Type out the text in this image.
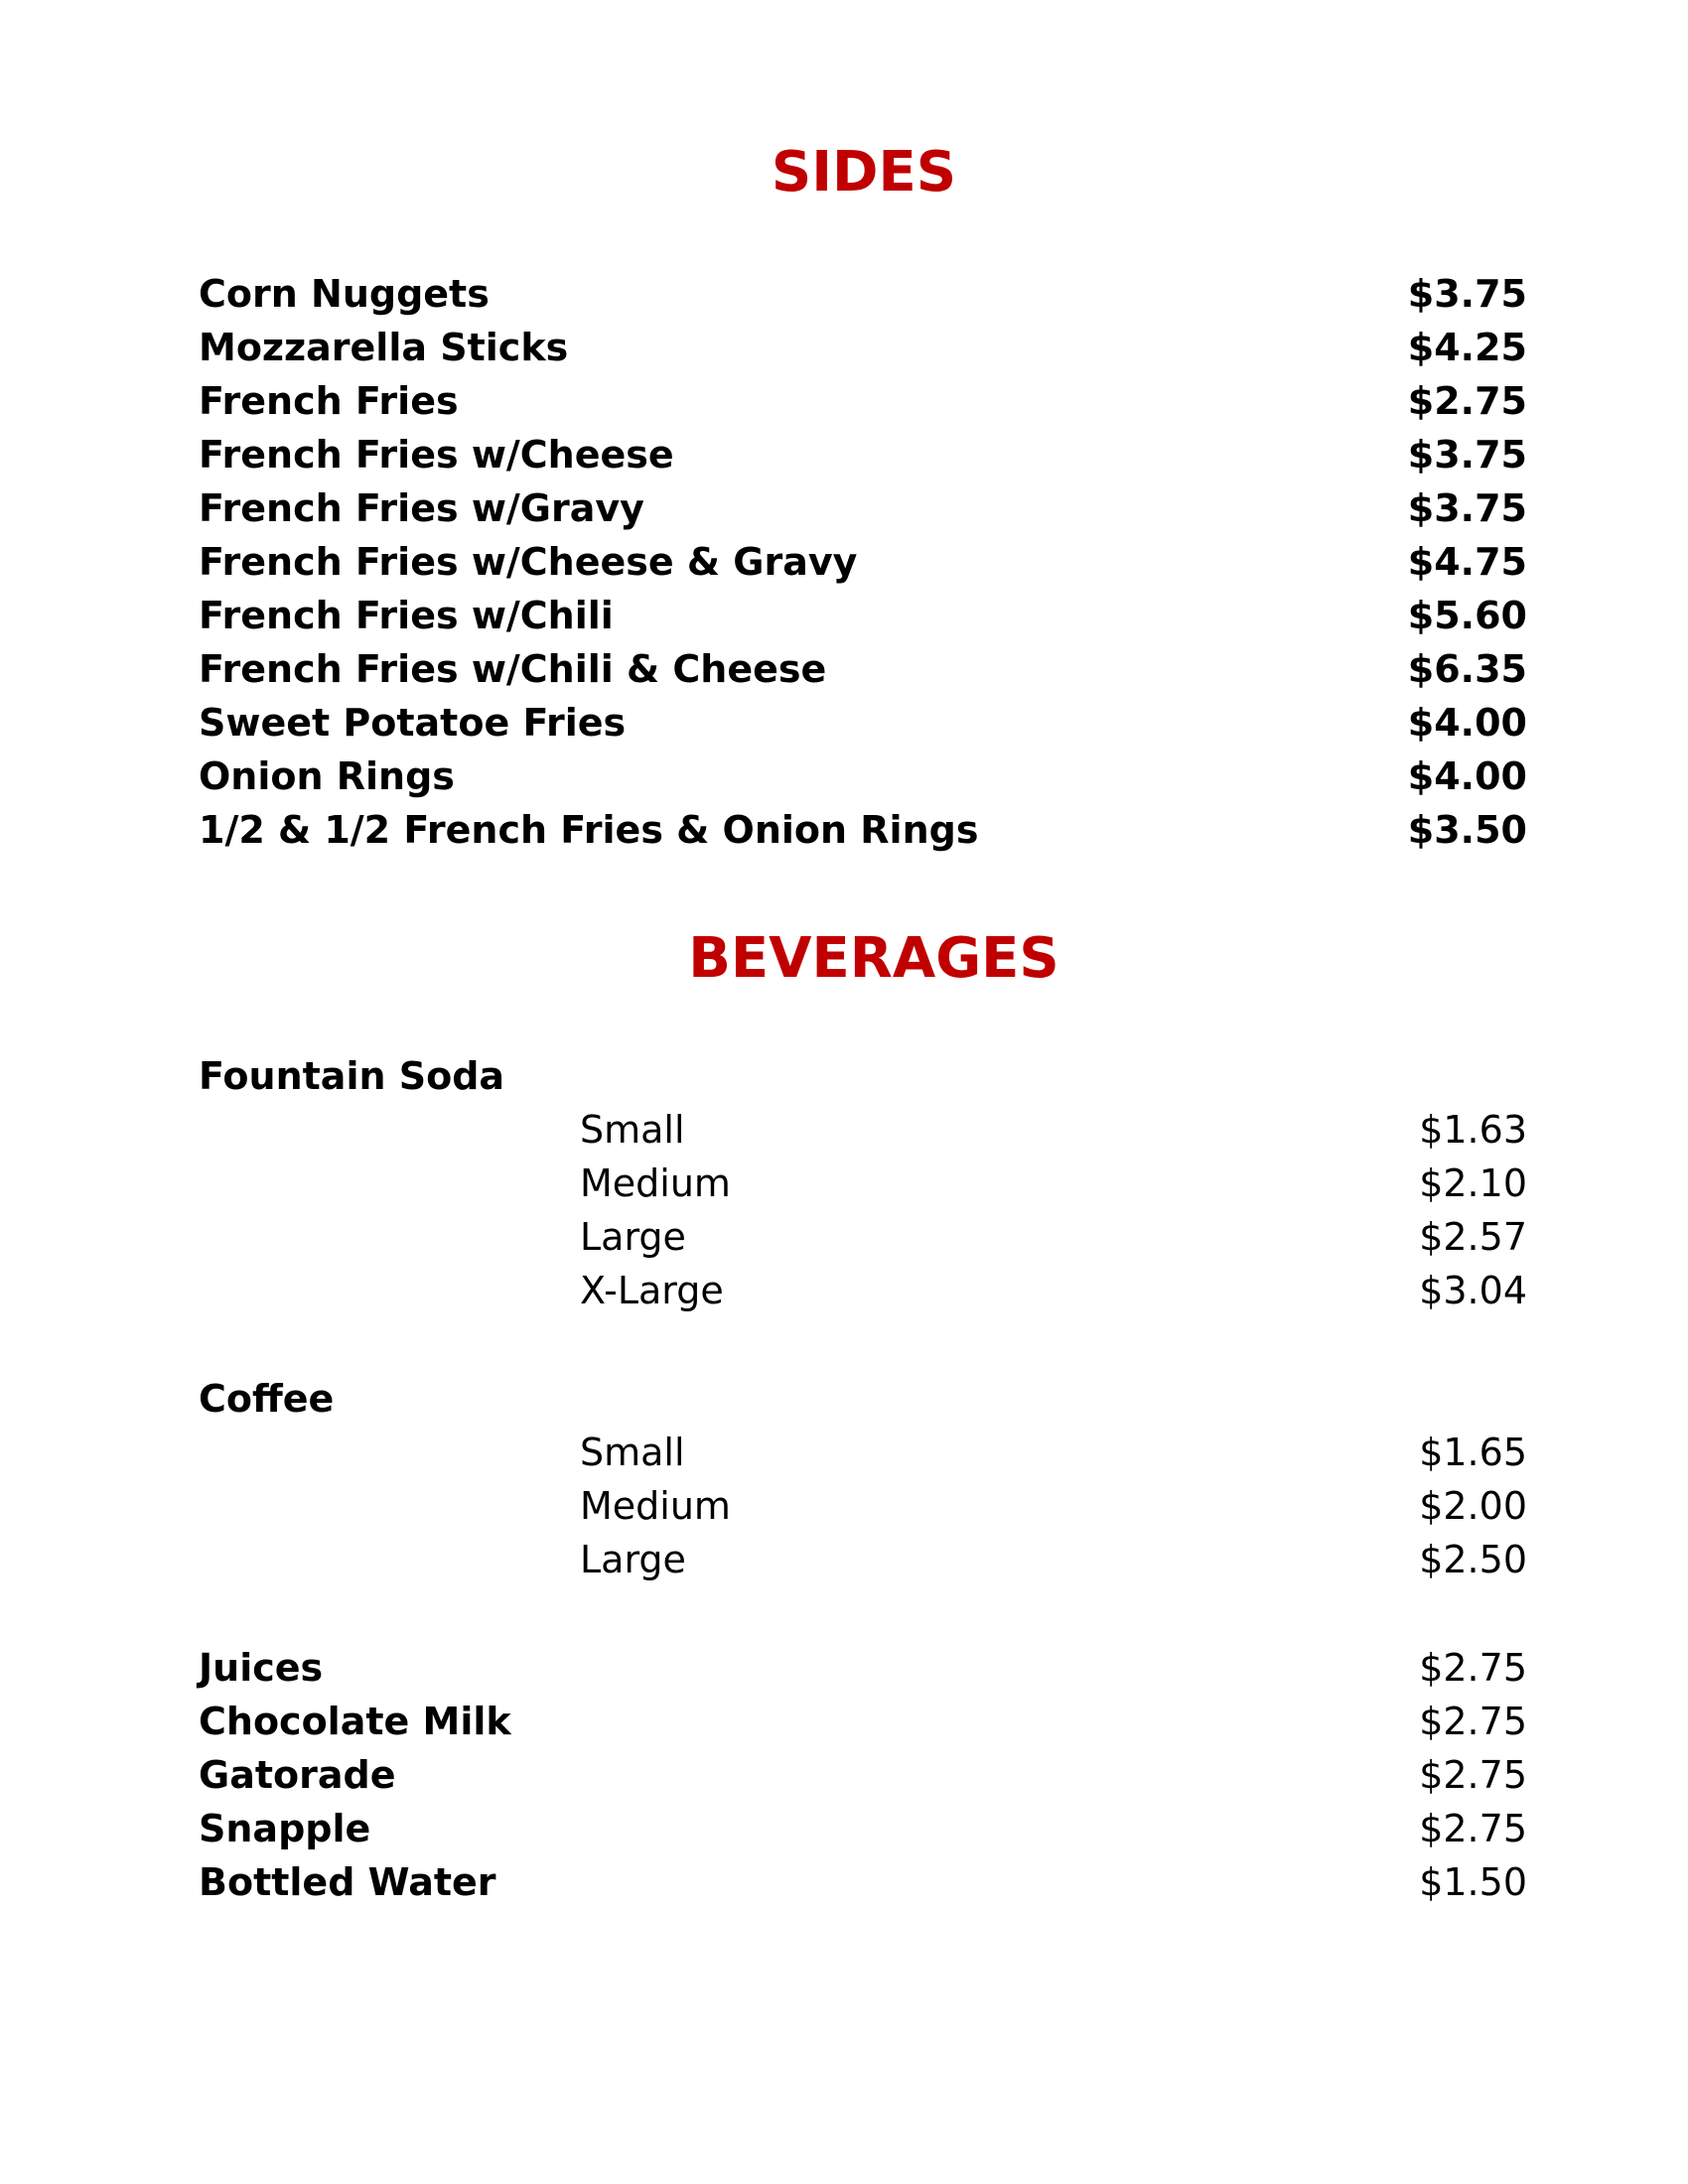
SIDES
Corn Nuggets	$3.75
Mozzarella Sticks	$4.25
French Fries	$2.75
French Fries w/Cheese	$3.75
French Fries w/Gravy	$3.75
French Fries w/Cheese & Gravy	$4.75
French Fries w/Chili	$5.60
French Fries w/Chili & Cheese	$6.35
Sweet Potatoe Fries	$4.00
Onion Rings	$4.00
1/2 & 1/2 French Fries & Onion Rings	$3.50
BEVERAGES
Fountain Soda
Small	$1.63
Medium	$2.10
Large	$2.57
X-Large	$3.04
Coffee
Small	$1.65
Medium	$2.00
Large	$2.50
Juices	$2.75
Chocolate Milk	$2.75
Gatorade	$2.75
Snapple	$2.75
Bottled Water	$1.50
